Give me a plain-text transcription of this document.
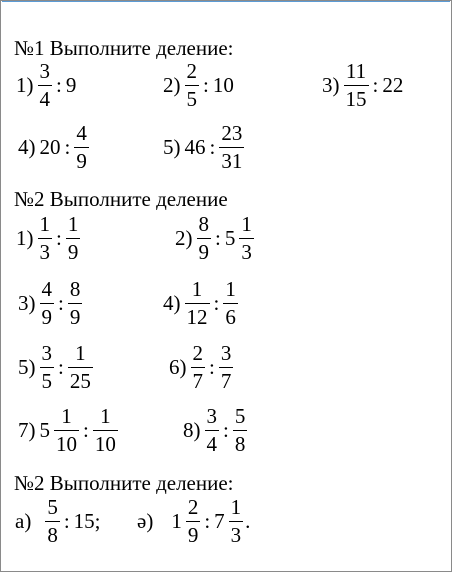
№1 Выполните деление:
$1) \frac{3}{4}$ : 9	$2) \frac{2}{5}$ : 10	$3) \frac{11}{15}$ : 22
4) 20 : $\frac{4}{9}$	5) 46 : $\frac{23}{31}$
№2 Выполните деление
$1) \frac{1}{3}$ : $\frac{1}{9}$	$2) \frac{8}{9}$ : $5 \frac{1}{3}$
$3) \frac{4}{9}$ : $\frac{8}{9}$	$4) \frac{1}{12}$ : $\frac{1}{6}$
$5) \frac{3}{5}$ : $\frac{1}{25}$	$6) \frac{2}{7}$ : $\frac{3}{7}$
7) $5 \frac{1}{10}$ : $\frac{1}{10}$	$8) \frac{3}{4}$ : $\frac{5}{8}$
№2 Выполните деление:
$а) \frac{5}{8}$ : 15; ә) $1 \frac{2}{9}$ : $7 \frac{1}{3}$ .
